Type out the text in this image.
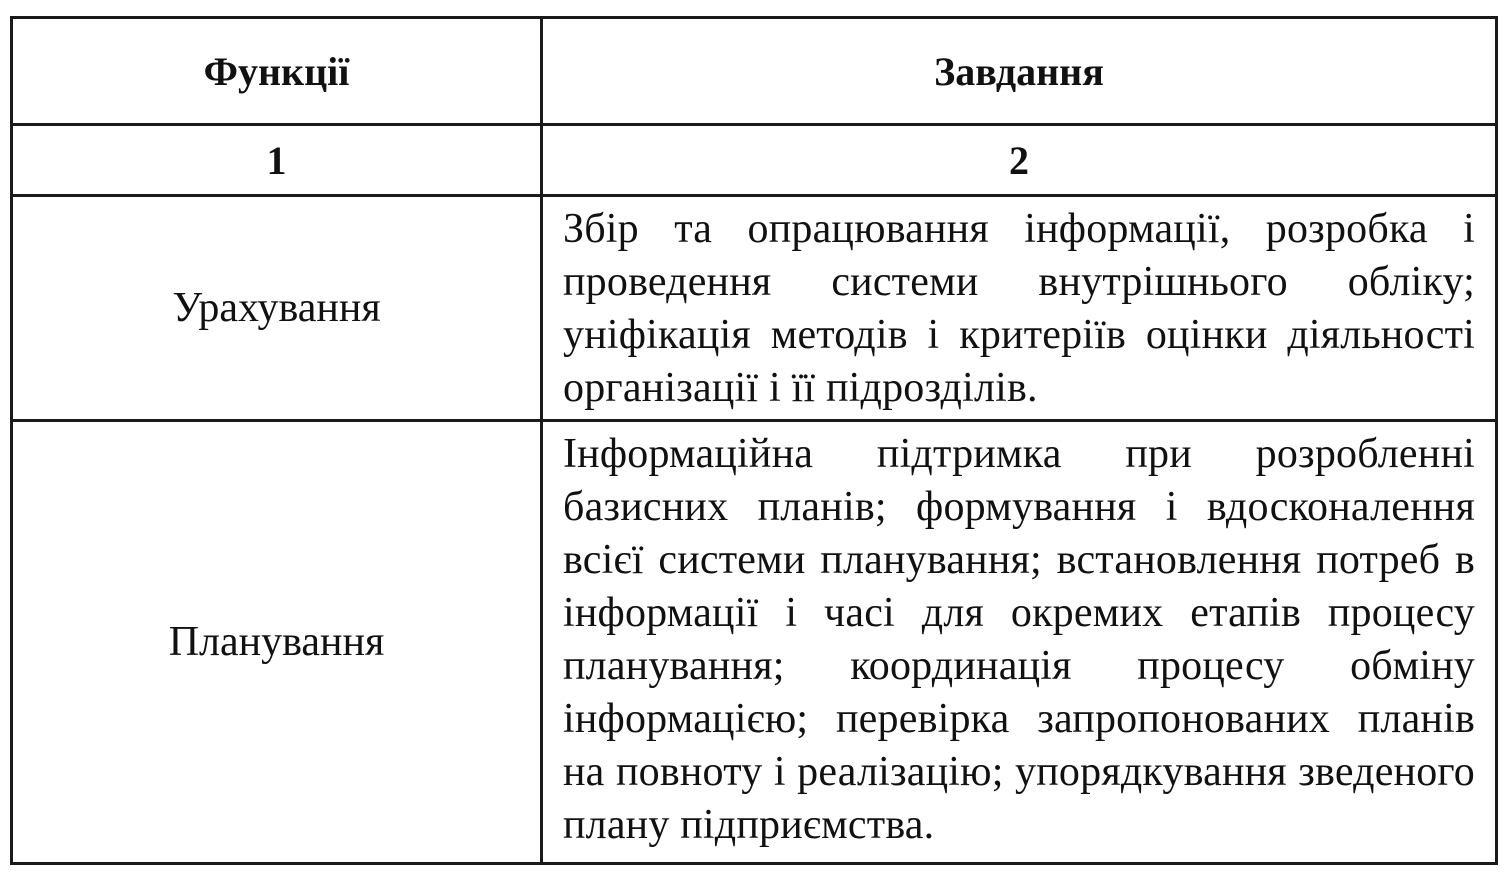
Функції	Завдання
1	2
Урахування	Збір та опрацювання інформації, розробка і проведення системи внутрішнього обліку; уніфікація методів і критеріїв оцінки діяльності організації і її підрозділів.
Планування	Інформаційна підтримка при розробленні базисних планів; формування і вдосконалення всієї системи планування; встановлення потреб в інформації і часі для окремих етапів процесу планування; координація процесу обміну інформацією; перевірка запропонованих планів на повноту і реалізацію; упорядкування зведеного плану підприємства.
